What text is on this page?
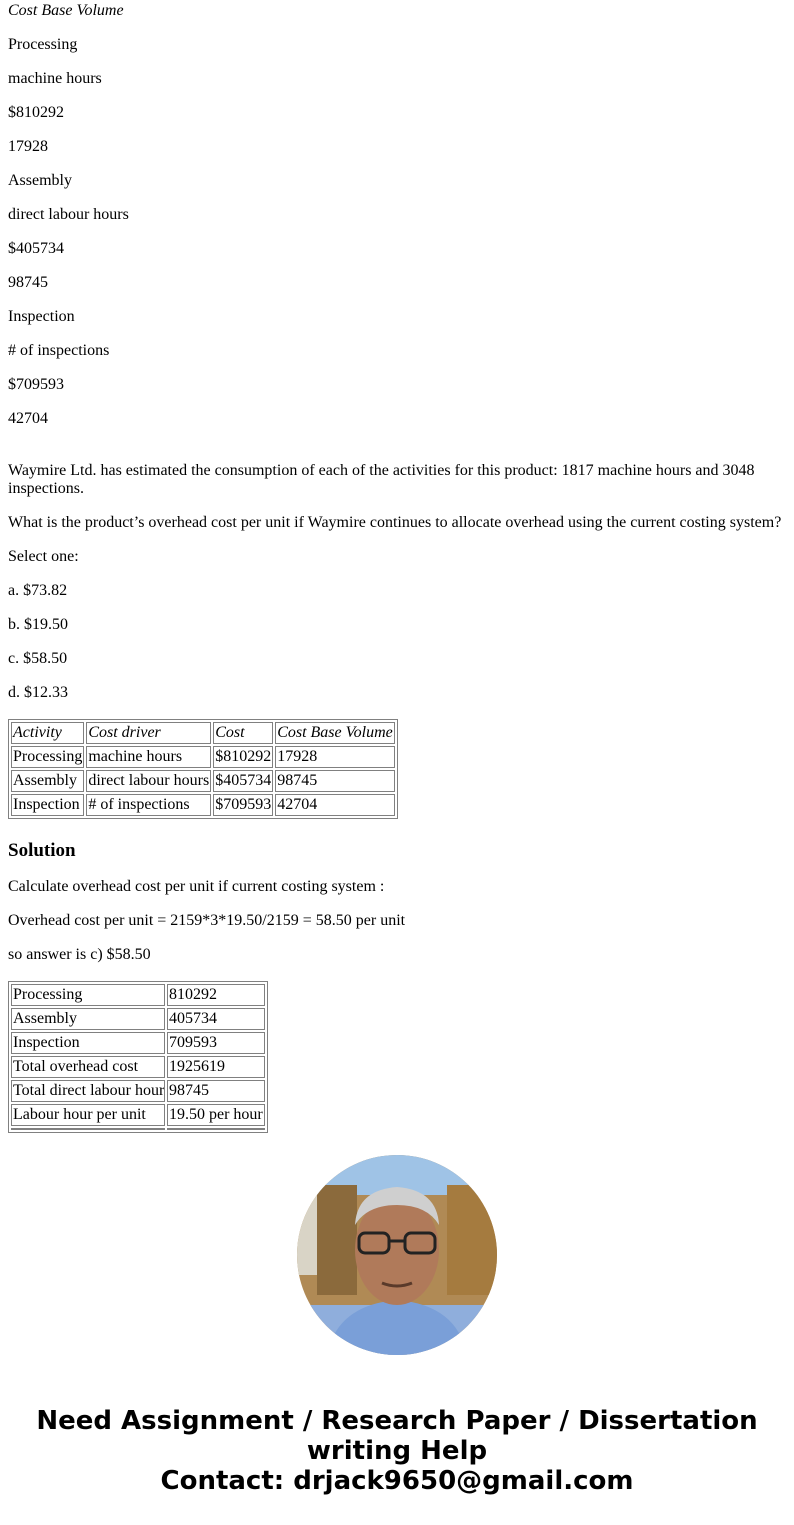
Cost Base Volume

Processing

machine hours

$810292

17928

Assembly

direct labour hours

$405734

98745

Inspection

# of inspections

$709593

42704

Waymire Ltd. has estimated the consumption of each of the activities for this product: 1817 machine hours and 3048 inspections.

What is the product’s overhead cost per unit if Waymire continues to allocate overhead using the current costing system?

Select one:

a. $73.82

b. $19.50

c. $58.50

d. $12.33

Activity	Cost driver	Cost	Cost Base Volume
Processing	machine hours	$810292	17928
Assembly	direct labour hours	$405734	98745
Inspection	# of inspections	$709593	42704
Solution

Calculate overhead cost per unit if current costing system :

Overhead cost per unit = 2159*3*19.50/2159 = 58.50 per unit

so answer is c) $58.50

Processing	810292
Assembly	405734
Inspection	709593
Total overhead cost	1925619
Total direct labour hour	98745
Labour hour per unit	19.50 per hour

Need Assignment / Research Paper / Dissertation
writing Help
Contact: drjack9650@gmail.com
